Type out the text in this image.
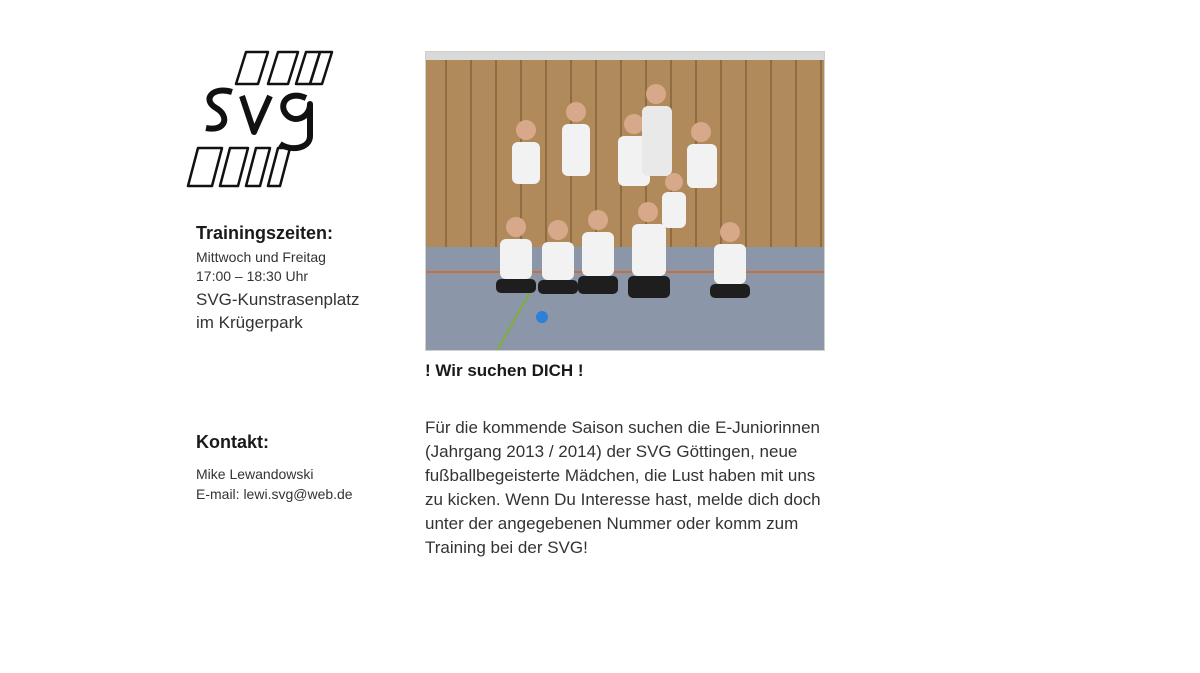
Trainingszeiten:
Mittwoch und Freitag
17:00 – 18:30 Uhr
SVG-Kunstrasenplatz
im Krügerpark
Kontakt:
Mike Lewandowski
E-mail: lewi.svg@web.de
! Wir suchen DICH !
Für die kommende Saison suchen die E-Juniorinnen
(Jahrgang 2013 / 2014) der SVG Göttingen, neue
fußballbegeisterte Mädchen, die Lust haben mit uns
zu kicken. Wenn Du Interesse hast, melde dich doch
unter der angegebenen Nummer oder komm zum
Training bei der SVG!
